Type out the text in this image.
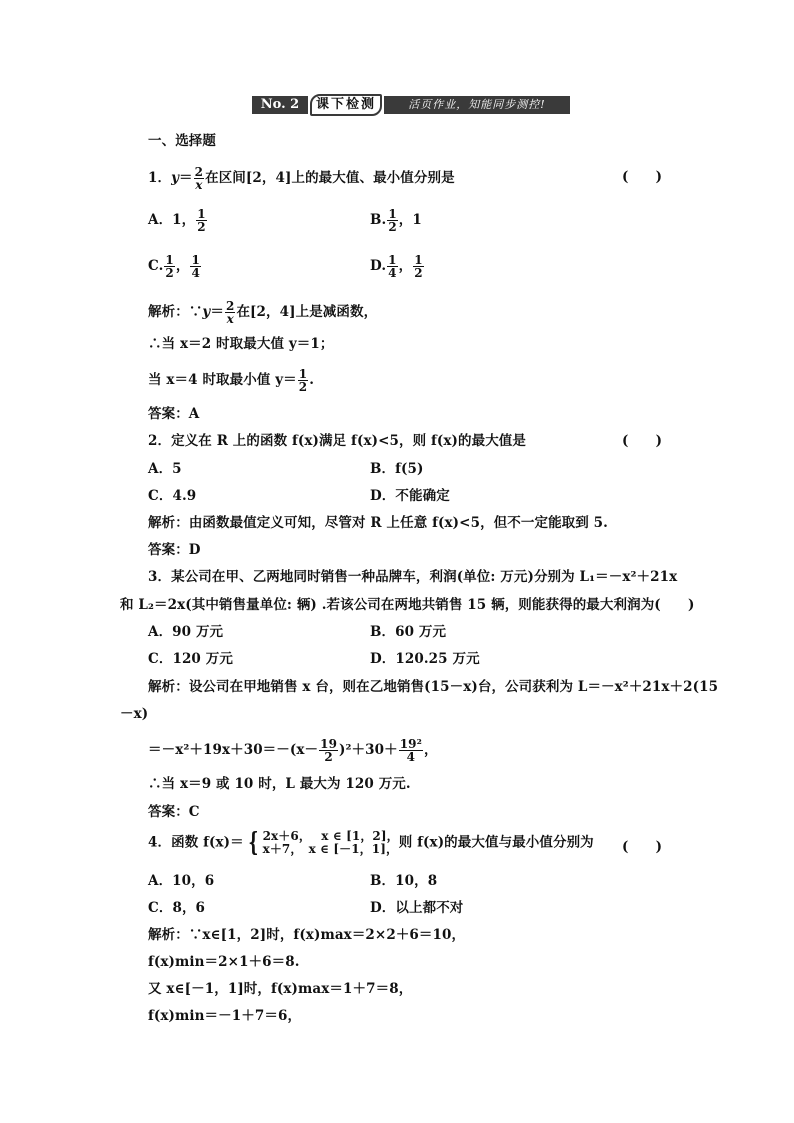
No. 2	课下检测	活页作业，知能同步测控!
一、选择题
1．$y= \frac{2}{x}$ 在区间[2，4]上的最大值、最小值分别是	(　　)
A．1， $\frac{1}{2}$	B. $\frac{1}{2}$ ，1
C. $\frac{1}{2}$ ， $\frac{1}{4}$	D. $\frac{1}{4}$ ， $\frac{1}{2}$
解析：∵y＝ $\frac{2}{x}$ 在[2，4]上是减函数，
∴当 x＝2 时取最大值 y＝1；
当 x＝4 时取最小值 $y= \frac{1}{2}$ .
答案：A
2．定义在 R 上的函数 f(x)满足 f(x)<5，则 f(x)的最大值是	(　　)
A．5	B．f(5)
C．4.9	D．不能确定
解析：由函数最值定义可知，尽管对 R 上任意 f(x)<5，但不一定能取到 5.
答案：D
3．某公司在甲、乙两地同时销售一种品牌车，利润(单位: 万元)分别为 L₁＝－x²＋21x
和 L₂＝2x(其中销售量单位: 辆) .若该公司在两地共销售 15 辆，则能获得的最大利润为(　　)
A．90 万元	B．60 万元
C．120 万元	D．120.25 万元
解析：设公司在甲地销售 x 台，则在乙地销售(15－x)台，公司获利为 L＝－x²＋21x＋2(15
－x)
$=-x^2+19x+30=-(x- \frac{19}{2} )^2+30+ \frac{\text{19²}}{4}$ ，
∴当 x＝9 或 10 时，L 最大为 120 万元.
答案：C
4．函数 f(x)＝ { 2x＋6，　 x ∈ [1，2]，
x＋7，　x ∈ [－1，1]， 则 f(x)的最大值与最小值分别为 (　　)
A．10，6	B．10，8
C．8，6	D．以上都不对
解析：∵x∈[1，2]时，f(x)max＝2×2＋6＝10，
f(x)min＝2×1＋6＝8.
又 x∈[－1，1]时，f(x)max＝1＋7＝8，
f(x)min＝－1＋7＝6，
